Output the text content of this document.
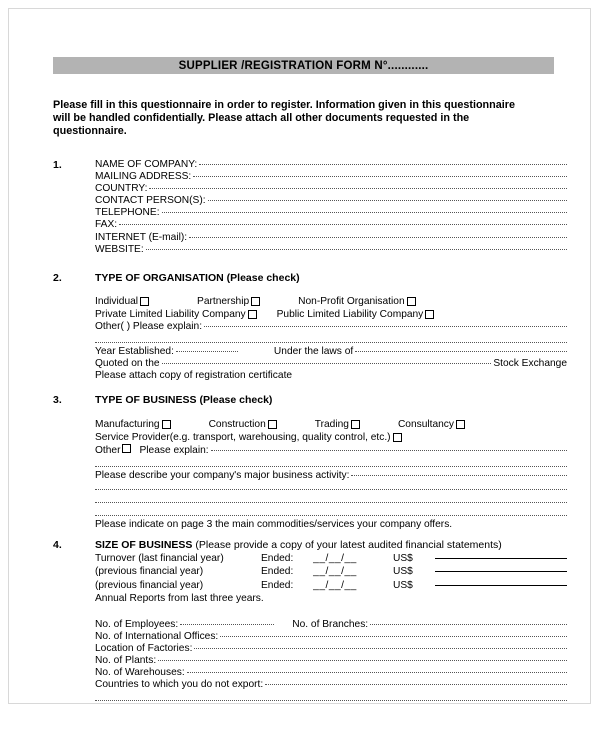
SUPPLIER /REGISTRATION FORM N°............
Please fill in this questionnaire in order to register. Information given in this questionnaire will be handled confidentially. Please attach all other documents requested in the questionnaire.
1.	NAME OF COMPANY:
MAILING ADDRESS:
COUNTRY:
CONTACT PERSON(S):
TELEPHONE:
FAX:
INTERNET (E-mail):
WEBSITE:
2.	TYPE OF ORGANISATION (Please check)
Individual	Partnership	Non-Profit Organisation
Private Limited Liability Company	Public Limited Liability Company
Other( ) Please explain:
Year Established:	Under the laws of
Quoted on the	Stock Exchange
Please attach copy of registration certificate
3.	TYPE OF BUSINESS (Please check)
Manufacturing	Construction	Trading	Consultancy
Service Provider(e.g. transport, warehousing, quality control, etc.)
Other Please explain:
Please describe your company's major business activity:
Please indicate on page 3 the main commodities/services your company offers.
4.	SIZE OF BUSINESS (Please provide a copy of your latest audited financial statements)
Turnover (last financial year)	Ended:	__/__/__	US$
(previous financial year)	Ended:	__/__/__	US$
(previous financial year)	Ended:	__/__/__	US$
Annual Reports from last three years.
No. of Employees:	No. of Branches:
No. of International Offices:
Location of Factories:
No. of Plants:
No. of Warehouses:
Countries to which you do not export:
